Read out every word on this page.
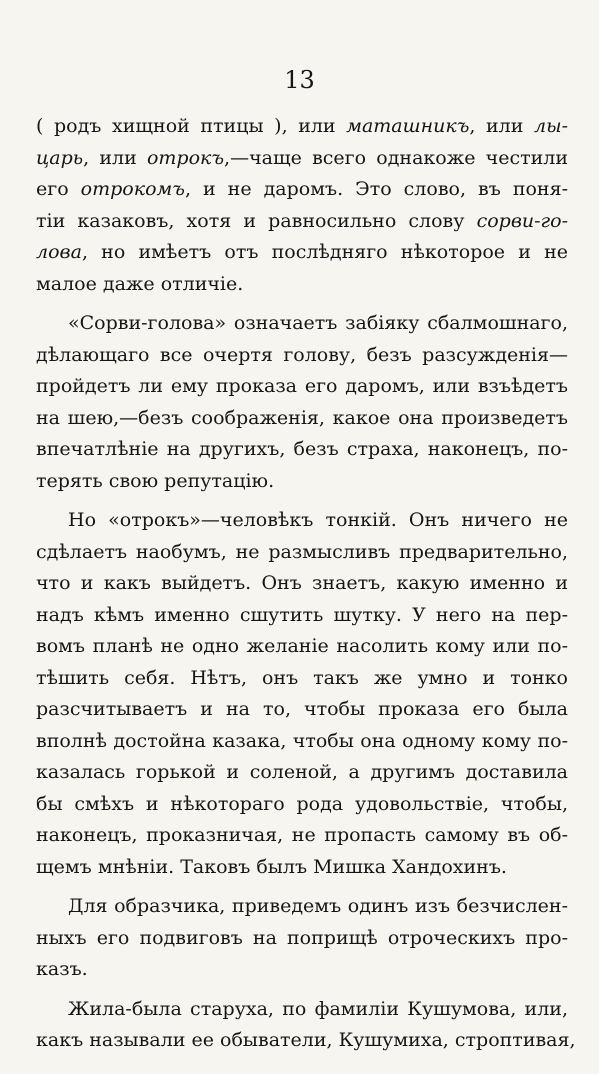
13
( родъ хищной птицы ), или маташникъ, или лы-
царь, или отрокъ,—чаще всего однакоже честили
его отрокомъ, и не даромъ. Это слово, въ поня-
тіи казаковъ, хотя и равносильно слову сорви-го-
лова, но имѣетъ отъ послѣдняго нѣкоторое и не
малое даже отличіе.
«Сорви-голова» означаетъ забіяку сбалмошнаго,
дѣлающаго все очертя голову, безъ разсужденія—
пройдетъ ли ему проказа его даромъ, или взъѣдетъ
на шею,—безъ соображенія, какое она произведетъ
впечатлѣніе на другихъ, безъ страха, наконецъ, по-
терять свою репутацію.
Но «отрокъ»—человѣкъ тонкій. Онъ ничего не
сдѣлаетъ наобумъ, не размысливъ предварительно,
что и какъ выйдетъ. Онъ знаетъ, какую именно и
надъ кѣмъ именно сшутить шутку. У него на пер-
вомъ планѣ не одно желаніе насолить кому или по-
тѣшить себя. Нѣтъ, онъ такъ же умно и тонко
разсчитываетъ и на то, чтобы проказа его была
вполнѣ достойна казака, чтобы она одному кому по-
казалась горькой и соленой, а другимъ доставила
бы смѣхъ и нѣкотораго рода удовольствіе, чтобы,
наконецъ, проказничая, не пропасть самому въ об-
щемъ мнѣніи. Таковъ былъ Мишка Хандохинъ.
Для образчика, приведемъ одинъ изъ безчислен-
ныхъ его подвиговъ на поприщѣ отроческихъ про-
казъ.
Жила-была старуха, по фамиліи Кушумова, или,
какъ называли ее обыватели, Кушумиха, строптивая,
